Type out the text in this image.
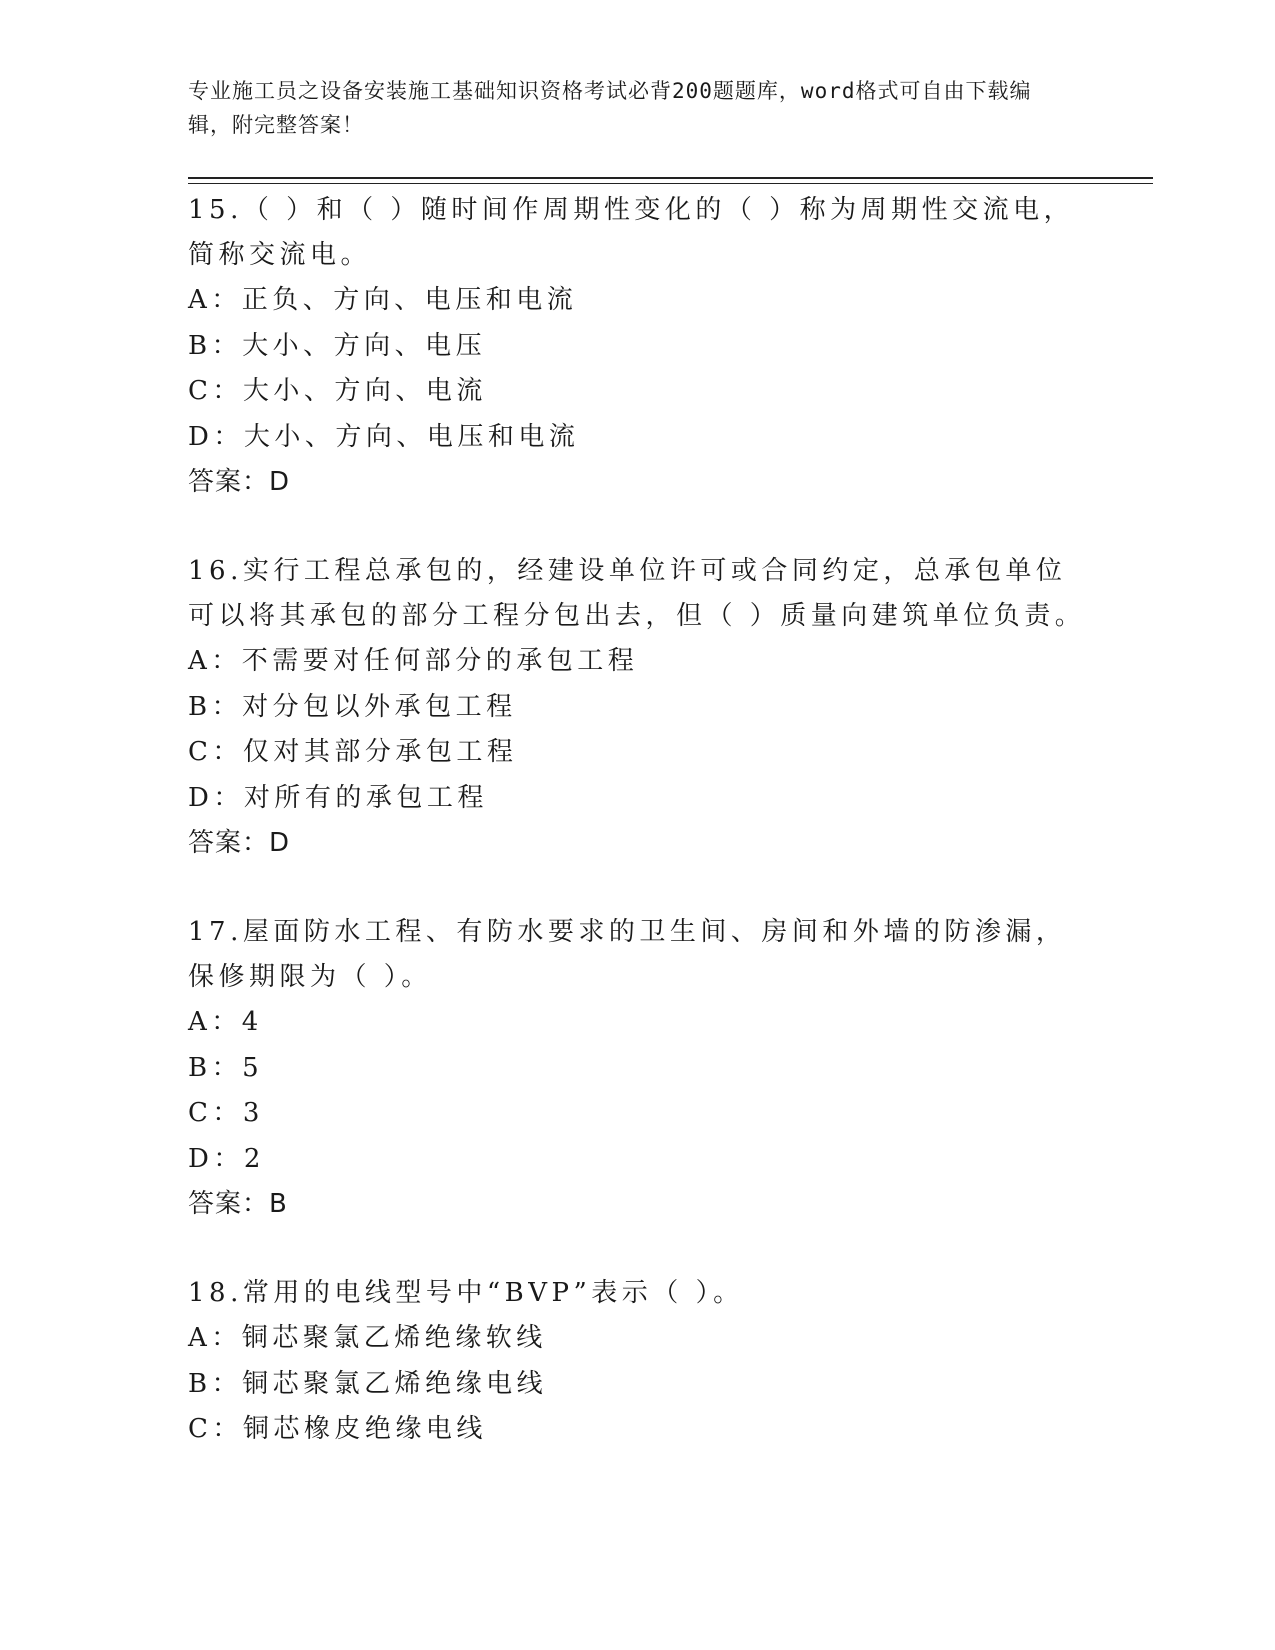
专业施工员之设备安装施工基础知识资格考试必背200题题库，word格式可自由下载编辑，附完整答案！
15.（ ）和（ ）随时间作周期性变化的（ ）称为周期性交流电，简称交流电。
A：正负、方向、电压和电流
B：大小、方向、电压
C：大小、方向、电流
D：大小、方向、电压和电流
答案：D
16.实行工程总承包的，经建设单位许可或合同约定，总承包单位可以将其承包的部分工程分包出去，但（ ）质量向建筑单位负责。
A：不需要对任何部分的承包工程
B：对分包以外承包工程
C：仅对其部分承包工程
D：对所有的承包工程
答案：D
17.屋面防水工程、有防水要求的卫生间、房间和外墙的防渗漏，保修期限为（ ）。
A：4
B：5
C：3
D：2
答案：B
18.常用的电线型号中“BVP”表示（ ）。
A：铜芯聚氯乙烯绝缘软线
B：铜芯聚氯乙烯绝缘电线
C：铜芯橡皮绝缘电线
